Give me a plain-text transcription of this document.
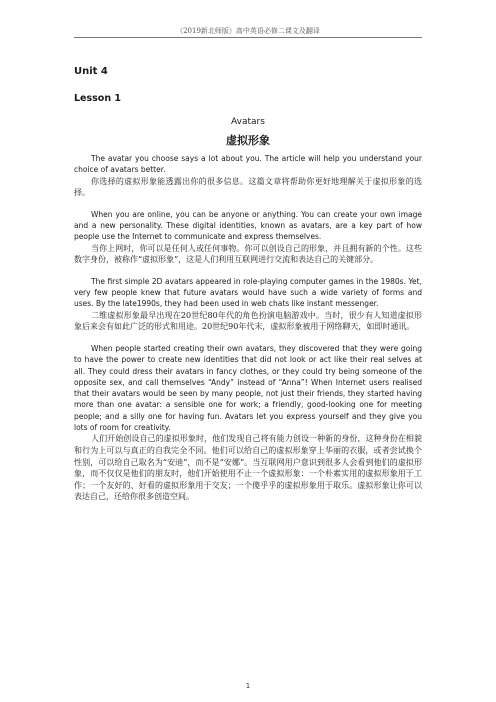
（2019新北师版）高中英语必修二课文及翻译
Unit 4
Lesson 1
Avatars
虚拟形象

The avatar you choose says a lot about you. The article will help you understand your choice of avatars better.

你选择的虚拟形象能透露出你的很多信息。这篇文章将帮助你更好地理解关于虚拟形象的选择。

When you are online, you can be anyone or anything. You can create your own image and a new personality. These digital identities, known as avatars, are a key part of how people use the Internet to communicate and express themselves.

当你上网时，你可以是任何人或任何事物。你可以创设自己的形象，并且拥有新的个性。这些数字身份，被称作“虚拟形象”，这是人们利用互联网进行交流和表达自己的关键部分。

The first simple 2D avatars appeared in role-playing computer games in the 1980s. Yet, very few people knew that future avatars would have such a wide variety of forms and uses. By the late1990s, they had been used in web chats like instant messenger.

二维虚拟形象最早出现在20世纪80年代的角色扮演电脑游戏中。当时，很少有人知道虚拟形象后来会有如此广泛的形式和用途。20世纪90年代末，虚拟形象被用于网络聊天，如即时通讯。

When people started creating their own avatars, they discovered that they were going to have the power to create new identities that did not look or act like their real selves at all. They could dress their avatars in fancy clothes, or they could try being someone of the opposite sex, and call themselves “Andy” instead of “Anna”! When Internet users realised that their avatars would be seen by many people, not just their friends, they started having more than one avatar: a sensible one for work; a friendly, good-looking one for meeting people; and a silly one for having fun. Avatars let you express yourself and they give you lots of room for creativity.

人们开始创设自己的虚拟形象时，他们发现自己将有能力创设一种新的身份，这种身份在相貌和行为上可以与真正的自我完全不同。他们可以给自己的虚拟形象穿上华丽的衣服，或者尝试换个性别，可以给自己取名为“安迪”，而不是“安娜”。当互联网用户意识到很多人会看到他们的虚拟形象，而不仅仅是他们的朋友时，他们开始使用不止一个虚拟形象：一个朴素实用的虚拟形象用于工作；一个友好的、好看的虚拟形象用于交友；一个傻乎乎的虚拟形象用于取乐。虚拟形象让你可以表达自己，还给你很多创造空间。

1
